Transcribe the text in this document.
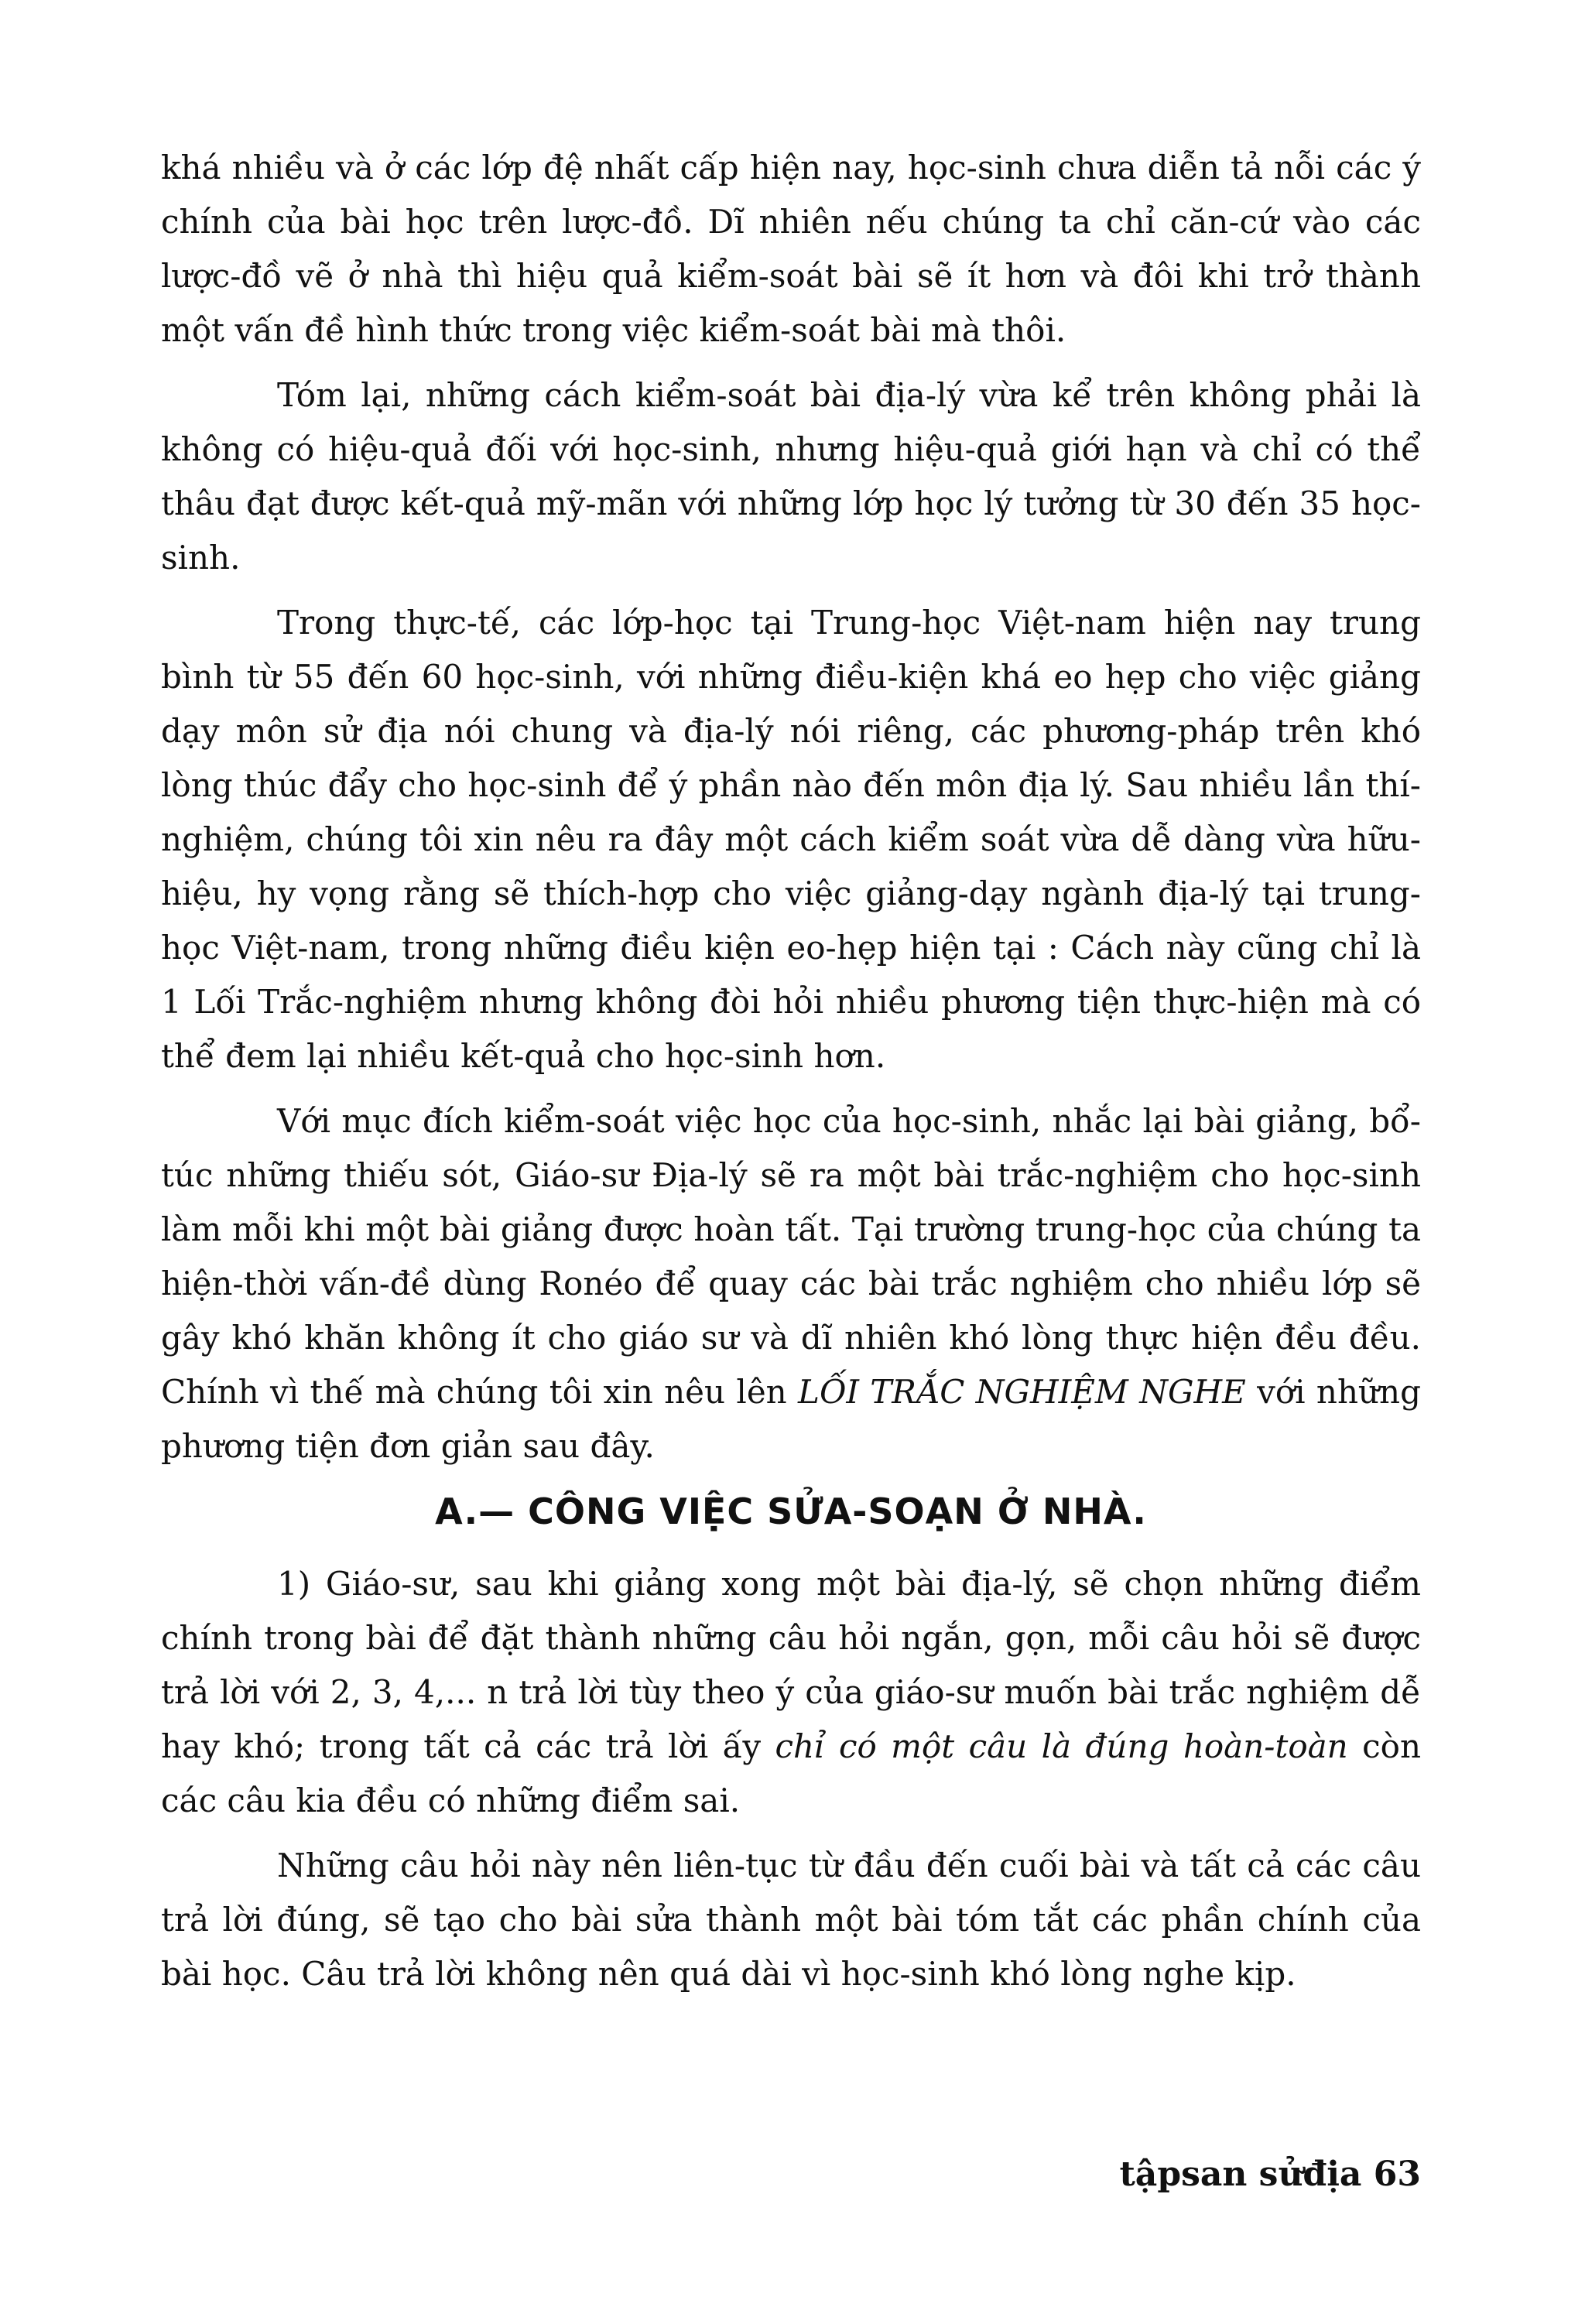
khá nhiều và ở các lớp đệ nhất cấp hiện nay, học-sinh chưa diễn tả nỗi các ý chính của bài học trên lược-đồ. Dĩ nhiên nếu chúng ta chỉ căn-cứ vào các lược-đồ vẽ ở nhà thì hiệu quả kiểm-soát bài sẽ ít hơn và đôi khi trở thành một vấn đề hình thức trong việc kiểm-soát bài mà thôi.

Tóm lại, những cách kiểm-soát bài địa-lý vừa kể trên không phải là không có hiệu-quả đối với học-sinh, nhưng hiệu-quả giới hạn và chỉ có thể thâu đạt được kết-quả mỹ-mãn với những lớp học lý tưởng từ 30 đến 35 học-sinh.

Trong thực-tế, các lớp-học tại Trung-học Việt-nam hiện nay trung bình từ 55 đến 60 học-sinh, với những điều-kiện khá eo hẹp cho việc giảng dạy môn sử địa nói chung và địa-lý nói riêng, các phương-pháp trên khó lòng thúc đẩy cho học-sinh để ý phần nào đến môn địa lý. Sau nhiều lần thí-nghiệm, chúng tôi xin nêu ra đây một cách kiểm soát vừa dễ dàng vừa hữu-hiệu, hy vọng rằng sẽ thích-hợp cho việc giảng-dạy ngành địa-lý tại trung-học Việt-nam, trong những điều kiện eo-hẹp hiện tại : Cách này cũng chỉ là 1 Lối Trắc-nghiệm nhưng không đòi hỏi nhiều phương tiện thực-hiện mà có thể đem lại nhiều kết-quả cho học-sinh hơn.

Với mục đích kiểm-soát việc học của học-sinh, nhắc lại bài giảng, bổ-túc những thiếu sót, Giáo-sư Địa-lý sẽ ra một bài trắc-nghiệm cho học-sinh làm mỗi khi một bài giảng được hoàn tất. Tại trường trung-học của chúng ta hiện-thời vấn-đề dùng Ronéo để quay các bài trắc nghiệm cho nhiều lớp sẽ gây khó khăn không ít cho giáo sư và dĩ nhiên khó lòng thực hiện đều đều. Chính vì thế mà chúng tôi xin nêu lên LỐI TRẮC NGHIỆM NGHE với những phương tiện đơn giản sau đây.

A.— CÔNG VIỆC SỬA-SOẠN Ở NHÀ.

1) Giáo-sư, sau khi giảng xong một bài địa-lý, sẽ chọn những điểm chính trong bài để đặt thành những câu hỏi ngắn, gọn, mỗi câu hỏi sẽ được trả lời với 2, 3, 4,... n trả lời tùy theo ý của giáo-sư muốn bài trắc nghiệm dễ hay khó; trong tất cả các trả lời ấy chỉ có một câu là đúng hoàn-toàn còn các câu kia đều có những điểm sai.

Những câu hỏi này nên liên-tục từ đầu đến cuối bài và tất cả các câu trả lời đúng, sẽ tạo cho bài sửa thành một bài tóm tắt các phần chính của bài học. Câu trả lời không nên quá dài vì học-sinh khó lòng nghe kịp.

tậpsan sửđịa 63
